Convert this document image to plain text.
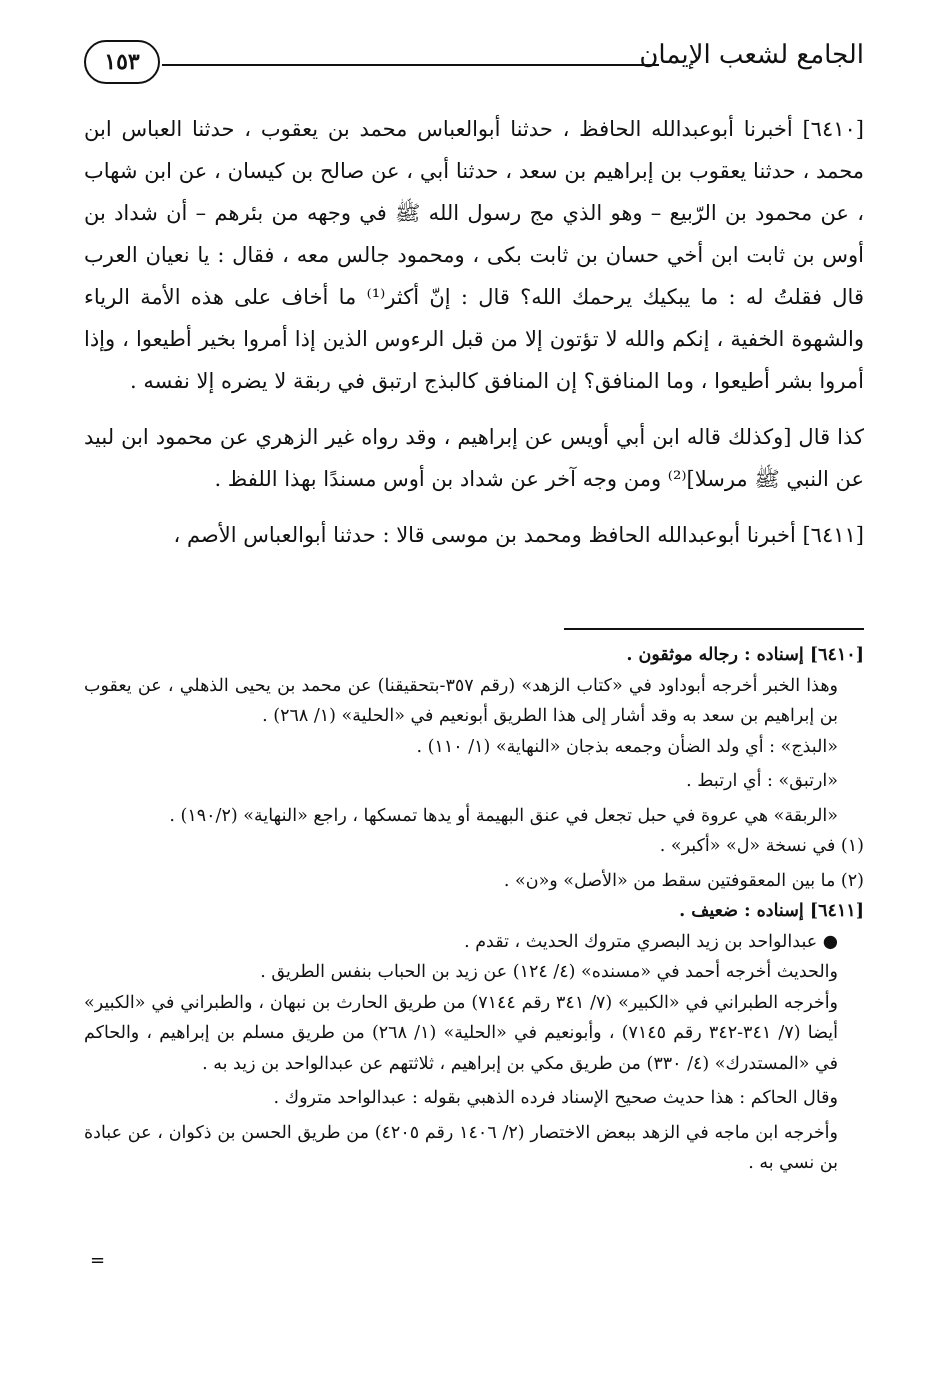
الجامع لشعب الإيمان
١٥٣

[٦٤١٠] أخبرنا أبوعبدالله الحافظ ، حدثنا أبوالعباس محمد بن يعقوب ، حدثنا العباس ابن محمد ، حدثنا يعقوب بن إبراهيم بن سعد ، حدثنا أبي ، عن صالح بن كيسان ، عن ابن شهاب ، عن محمود بن الرّبيع – وهو الذي مج رسول الله ﷺ في وجهه من بئرهم – أن شداد بن أوس بن ثابت ابن أخي حسان بن ثابت بكى ، ومحمود جالس معه ، فقال : يا نعيان العرب قال فقلتُ له : ما يبكيك يرحمك الله؟ قال : إنّ أكثر⁽¹⁾ ما أخاف على هذه الأمة الرياء والشهوة الخفية ، إنكم والله لا تؤتون إلا من قبل الرءوس الذين إذا أمروا بخير أطيعوا ، وإذا أمروا بشر أطيعوا ، وما المنافق؟ إن المنافق كالبذج ارتبق في ربقة لا يضره إلا نفسه .

كذا قال [وكذلك قاله ابن أبي أويس عن إبراهيم ، وقد رواه غير الزهري عن محمود ابن لبيد عن النبي ﷺ مرسلا]⁽²⁾ ومن وجه آخر عن شداد بن أوس مسندًا بهذا اللفظ .

[٦٤١١] أخبرنا أبوعبدالله الحافظ ومحمد بن موسى قالا : حدثنا أبوالعباس الأصم ،

[٦٤١٠] إسناده : رجاله موثقون .

وهذا الخبر أخرجه أبوداود في «كتاب الزهد» (رقم ٣٥٧-بتحقيقنا) عن محمد بن يحيى الذهلي ، عن يعقوب بن إبراهيم بن سعد به وقد أشار إلى هذا الطريق أبونعيم في «الحلية» (١/ ٢٦٨) .

«البذج» : أي ولد الضأن وجمعه بذجان «النهاية» (١/ ١١٠) .

«ارتبق» : أي ارتبط .

«الربقة» هي عروة في حبل تجعل في عنق البهيمة أو يدها تمسكها ، راجع «النهاية» (١٩٠/٢) .

(١) في نسخة «ل» «أكبر» .

(٢) ما بين المعقوفتين سقط من «الأصل» و«ن» .

[٦٤١١] إسناده : ضعيف .

● عبدالواحد بن زيد البصري متروك الحديث ، تقدم .

والحديث أخرجه أحمد في «مسنده» (٤/ ١٢٤) عن زيد بن الحباب بنفس الطريق .

وأخرجه الطبراني في «الكبير» (٧/ ٣٤١ رقم ٧١٤٤) من طريق الحارث بن نبهان ، والطبراني في «الكبير» أيضا (٧/ ٣٤١-٣٤٢ رقم ٧١٤٥) ، وأبونعيم في «الحلية» (١/ ٢٦٨) من طريق مسلم بن إبراهيم ، والحاكم في «المستدرك» (٤/ ٣٣٠) من طريق مكي بن إبراهيم ، ثلاثتهم عن عبدالواحد بن زيد به .

وقال الحاكم : هذا حديث صحيح الإسناد فرده الذهبي بقوله : عبدالواحد متروك .

وأخرجه ابن ماجه في الزهد ببعض الاختصار (٢/ ١٤٠٦ رقم ٤٢٠٥) من طريق الحسن بن ذكوان ، عن عبادة بن نسي به .

=
